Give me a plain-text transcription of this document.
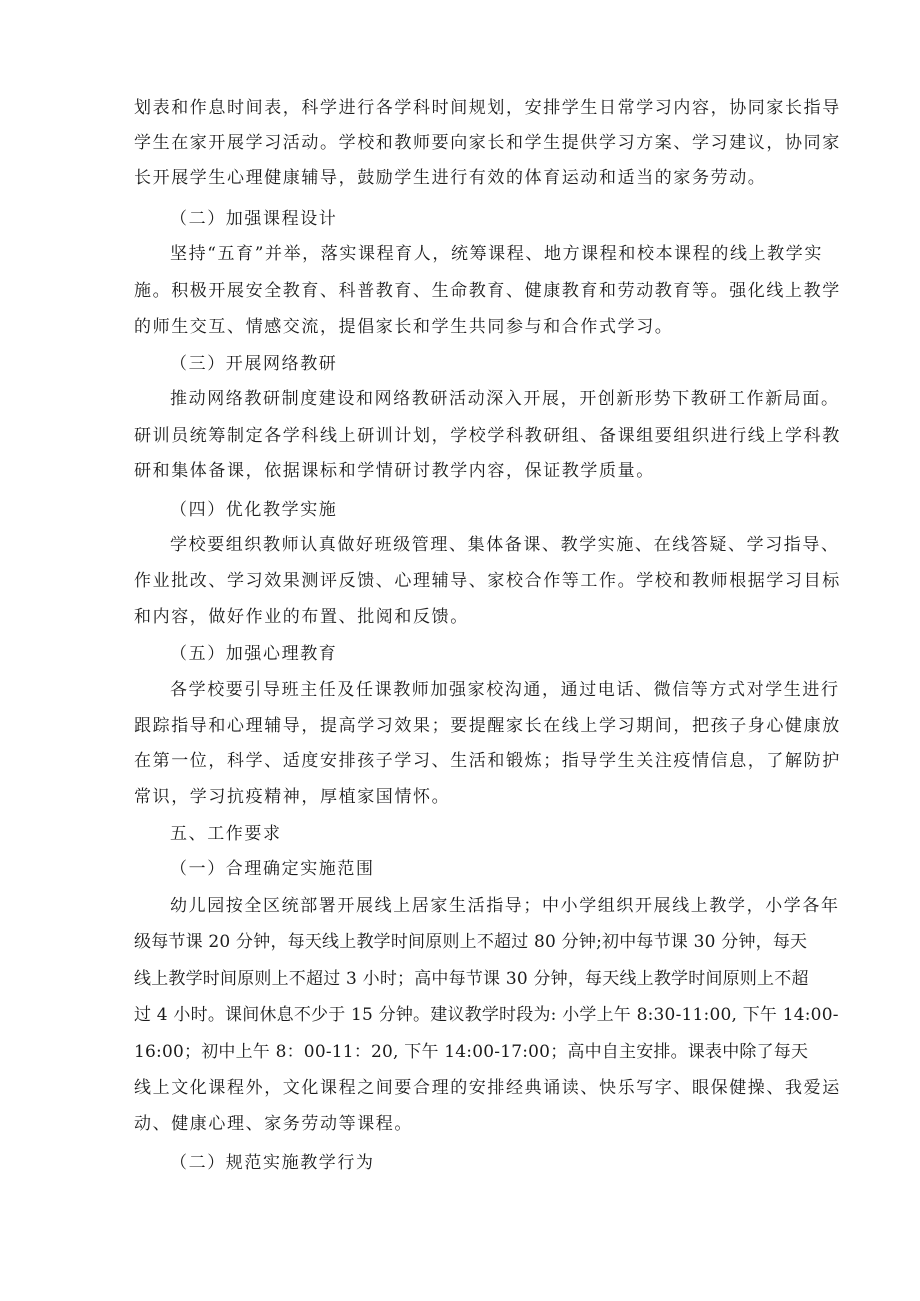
划表和作息时间表，科学进行各学科时间规划，安排学生日常学习内容，协同家长指导

学生在家开展学习活动。学校和教师要向家长和学生提供学习方案、学习建议，协同家

长开展学生心理健康辅导，鼓励学生进行有效的体育运动和适当的家务劳动。

（二）加强课程设计

坚持“五育”并举，落实课程育人，统筹课程、地方课程和校本课程的线上教学实

施。积极开展安全教育、科普教育、生命教育、健康教育和劳动教育等。强化线上教学

的师生交互、情感交流，提倡家长和学生共同参与和合作式学习。

（三）开展网络教研

推动网络教研制度建设和网络教研活动深入开展，开创新形势下教研工作新局面。

研训员统筹制定各学科线上研训计划，学校学科教研组、备课组要组织进行线上学科教

研和集体备课，依据课标和学情研讨教学内容，保证教学质量。

（四）优化教学实施

学校要组织教师认真做好班级管理、集体备课、教学实施、在线答疑、学习指导、

作业批改、学习效果测评反馈、心理辅导、家校合作等工作。学校和教师根据学习目标

和内容，做好作业的布置、批阅和反馈。

（五）加强心理教育

各学校要引导班主任及任课教师加强家校沟通，通过电话、微信等方式对学生进行

跟踪指导和心理辅导，提高学习效果；要提醒家长在线上学习期间，把孩子身心健康放

在第一位，科学、适度安排孩子学习、生活和锻炼；指导学生关注疫情信息，了解防护

常识，学习抗疫精神，厚植家国情怀。

五、工作要求

（一）合理确定实施范围

幼儿园按全区统部署开展线上居家生活指导；中小学组织开展线上教学，小学各年

级每节课 20 分钟，每天线上教学时间原则上不超过 80 分钟;初中每节课 30 分钟，每天

线上教学时间原则上不超过 3 小时；高中每节课 30 分钟，每天线上教学时间原则上不超

过 4 小时。课间休息不少于 15 分钟。建议教学时段为: 小学上午 8:30-11:00, 下午 14:00-

16:00；初中上午 8：00-11：20, 下午 14:00-17:00；高中自主安排。课表中除了每天

线上文化课程外，文化课程之间要合理的安排经典诵读、快乐写字、眼保健操、我爱运

动、健康心理、家务劳动等课程。

（二）规范实施教学行为
